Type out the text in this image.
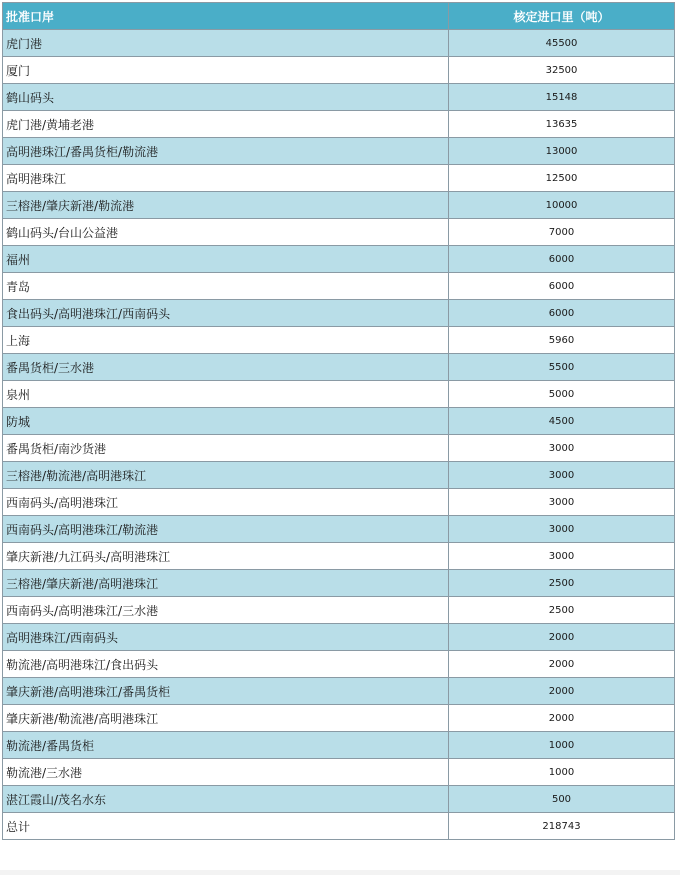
批准口岸	核定进口里（吨）
虎门港	45500
厦门	32500
鹤山码头	15148
虎门港/黄埔老港	13635
高明港珠江/番禺货柜/勒流港	13000
高明港珠江	12500
三榕港/肇庆新港/勒流港	10000
鹤山码头/台山公益港	7000
福州	6000
青岛	6000
食出码头/高明港珠江/西南码头	6000
上海	5960
番禺货柜/三水港	5500
泉州	5000
防城	4500
番禺货柜/南沙货港	3000
三榕港/勒流港/高明港珠江	3000
西南码头/高明港珠江	3000
西南码头/高明港珠江/勒流港	3000
肇庆新港/九江码头/高明港珠江	3000
三榕港/肇庆新港/高明港珠江	2500
西南码头/高明港珠江/三水港	2500
高明港珠江/西南码头	2000
勒流港/高明港珠江/食出码头	2000
肇庆新港/高明港珠江/番禺货柜	2000
肇庆新港/勒流港/高明港珠江	2000
勒流港/番禺货柜	1000
勒流港/三水港	1000
湛江霞山/茂名水东	500
总计	218743
